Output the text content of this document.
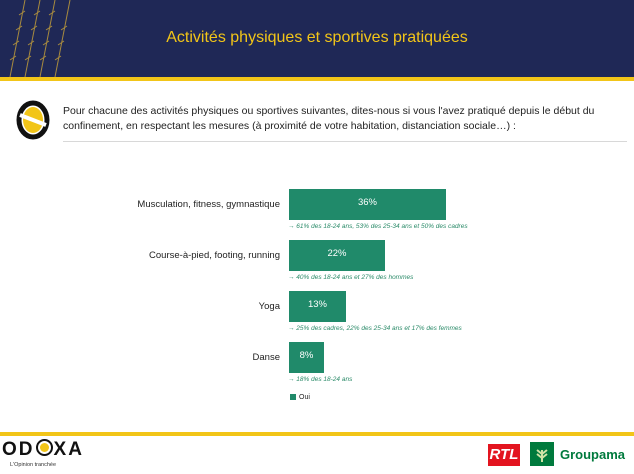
Activités physiques et sportives pratiquées
Pour chacune des activités physiques ou sportives suivantes, dites-nous si vous l'avez pratiqué depuis le début du confinement, en respectant les mesures (à proximité de votre habitation, distanciation sociale…) :
Musculation, fitness, gymnastique	36%
→ 61% des 18-24 ans, 53% des 25-34 ans et 50% des cadres
Course-à-pied, footing, running	22%
→ 40% des 18-24 ans et 27% des hommes
Yoga	13%
→ 25% des cadres, 22% des 25-34 ans et 17% des femmes
Danse	8%
→ 18% des 18-24 ans
Oui
OD XA
L'Opinion tranchée
RTL	Groupama
